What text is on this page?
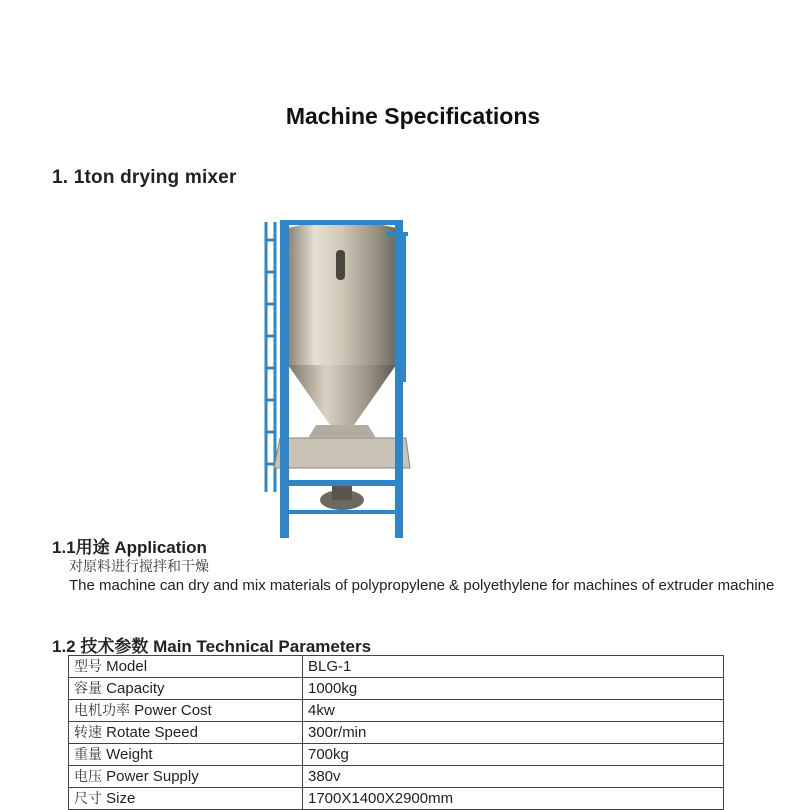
Machine Specifications
1. 1ton drying mixer
1.1用途 Application
对原料进行搅拌和干燥
The machine can dry and mix materials of polypropylene & polyethylene for machines of extruder machine
1.2 技术参数 Main Technical Parameters
型号 Model	BLG-1
容量 Capacity	1000kg
电机功率 Power Cost	4kw
转速 Rotate Speed	300r/min
重量 Weight	700kg
电压 Power Supply	380v
尺寸 Size	1700X1400X2900mm
